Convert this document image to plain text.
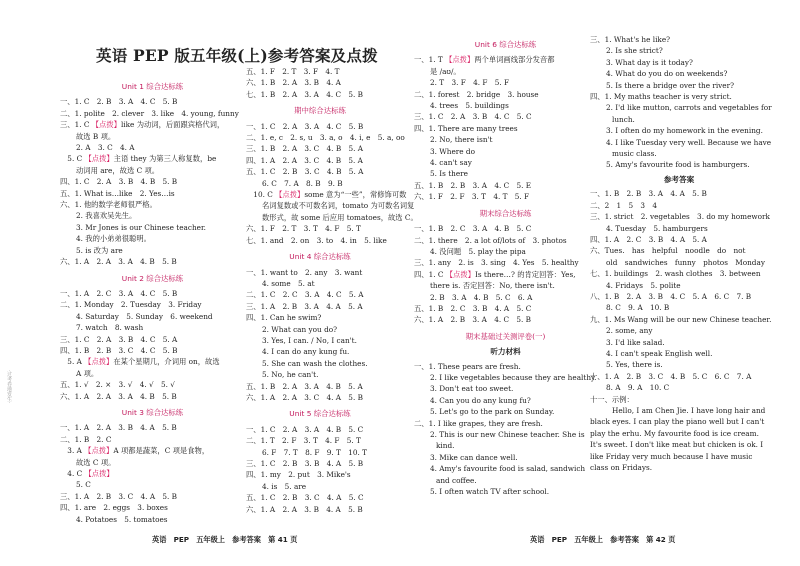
英语 PEP 版五年级(上)参考答案及点拨
Unit 1 综合达标练
一、1. C　2. B　3. A　4. C　5. B
二、1. polite　2. clever　3. like　4. young, funny
三、1. C 【点拨】like 为动词，后面跟宾格代词，
故选 B 项。
2. A　3. C　4. A
　5. C 【点拨】主语 they 为第三人称复数，be
动词用 are，故选 C 项。
四、1. C　2. A　3. B　4. B　5. B
五、1. What is…like　2. Yes…is
六、1. 他的数学老师很严格。
2. 我喜欢吴先生。
3. Mr Jones is our Chinese teacher.
4. 我的小弟弟很聪明。
5. is 改为 are
六、1. A　2. A　3. A　4. B　5. B
Unit 2 综合达标练
一、1. A　2. C　3. A　4. C　5. B
二、1. Monday　2. Tuesday　3. Friday
4. Saturday　5. Sunday　6. weekend
7. watch　8. wash
三、1. C　2. A　3. B　4. C　5. A
四、1. B　2. B　3. C　4. C　5. B
　5. A 【点拨】在某个星期几，介词用 on，故选
A 项。
五、1. √　2. ×　3. √　4. √　5. √
六、1. A　2. A　3. A　4. B　5. B
Unit 3 综合达标练
一、1. A　2. A　3. B　4. A　5. B
二、1. B　2. C
　3. A 【点拨】A 项都是蔬菜，C 项是食物，
故选 C 项。
　4. C 【点拨】
5. C
三、1. A　2. B　3. C　4. A　5. B
四、1. are　2. eggs　3. boxes
4. Potatoes　5. tomatoes
五、1. F　2. T　3. F　4. T
六、1. B　2. A　3. B　4. A
七、1. B　2. A　3. A　4. C　5. B
期中综合达标练
一、1. C　2. A　3. A　4. C　5. B
二、1. e, c　2. s, u　3. a, o　4. i, e　5. a, oo
三、1. B　2. A　3. C　4. B　5. A
四、1. A　2. A　3. C　4. B　5. A
五、1. C　2. B　3. C　4. B　5. A
6. C　7. A　8. B　9. B
　10. C 【点拨】some 意为“一些”，常修饰可数
名词复数或不可数名词，tomato 为可数名词复
数形式，故 some 后应用 tomatoes，故选 C。
六、1. F　2. T　3. T　4. F　5. T
七、1. and　2. on　3. to　4. in　5. like
Unit 4 综合达标练
一、1. want to　2. any　3. want
4. some　5. at
二、1. C　2. C　3. A　4. C　5. A
三、1. A　2. B　3. A　4. A　5. A
四、1. Can he swim?
2. What can you do?
3. Yes, I can. / No, I can't.
4. I can do any kung fu.
5. She can wash the clothes.
5. No, he can't.
五、1. B　2. A　3. A　4. B　5. A
六、1. A　2. A　3. C　4. A　5. B
Unit 5 综合达标练
一、1. C　2. A　3. A　4. B　5. C
二、1. T　2. F　3. T　4. F　5. T
6. F　7. T　8. F　9. T　10. T
三、1. C　2. B　3. B　4. A　5. B
四、1. my　2. put　3. Mike's
4. is　5. are
五、1. C　2. B　3. C　4. A　5. C
六、1. A　2. A　3. B　4. A　5. B
Unit 6 综合达标练
一、1. T 【点拨】两个单词画线部分发音都
是 /aʊ/。
2. T　3. F　4. F　5. F
二、1. forest　2. bridge　3. house
4. trees　5. buildings
三、1. C　2. A　3. B　4. C　5. C
四、1. There are many trees
2. No, there isn't
3. Where do
4. can't say
5. Is there
五、1. B　2. B　3. A　4. C　5. E
六、1. F　2. F　3. T　4. T　5. F
期末综合达标练
一、1. B　2. C　3. A　4. B　5. C
二、1. there　2. a lot of/lots of　3. photos
4. 没问题　5. play the pipa
三、1. any　2. is　3. sing　4. Yes　5. healthy
四、1. C 【点拨】Is there…? 的肯定回答：Yes,
there is. 否定回答：No, there isn't.
2. B　3. A　4. B　5. C　6. A
五、1. B　2. C　3. B　4. A　5. C
六、1. A　2. B　3. A　4. C　5. B
期末基础过关测评卷(一)
听力材料
一、1. These pears are fresh.
2. I like vegetables because they are healthy.
3. Don't eat too sweet.
4. Can you do any kung fu?
5. Let's go to the park on Sunday.
二、1. I like grapes, they are fresh.
2. This is our new Chinese teacher. She is
kind.
3. Mike can dance well.
4. Amy's favourite food is salad, sandwich
and coffee.
5. I often watch TV after school.
三、1. What's he like?
2. Is she strict?
3. What day is it today?
4. What do you do on weekends?
5. Is there a bridge over the river?
四、1. My maths teacher is very strict.
2. I'd like mutton, carrots and vegetables for
lunch.
3. I often do my homework in the evening.
4. I like Tuesday very well. Because we have
music class.
5. Amy's favourite food is hamburgers.
参考答案
一、1. B　2. B　3. A　4. A　5. B
二、2　1　5　3　4
三、1. strict　2. vegetables　3. do my homework
4. Tuesday　5. hamburgers
四、1. A　2. C　3. B　4. A　5. A
六、Tues.　has　helpful　noodle　do　not
old　sandwiches　funny　photos　Monday
七、1. buildings　2. wash clothes　3. between
4. Fridays　5. polite
八、1. B　2. A　3. B　4. C　5. A　6. C　7. B
8. C　9. A　10. B
九、1. Ms Wang will be our new Chinese teacher.
2. some, any
3. I'd like salad.
4. I can't speak English well.
5. Yes, there is.
十、1. A　2. B　3. C　4. B　5. C　6. C　7. A
8. A　9. A　10. C
十一、示例：
Hello, I am Chen Jie. I have long hair and black eyes. I can play the piano well but I can't play the erhu. My favourite food is ice cream. It's sweet. I don't like meat but chicken is ok. I like Friday very much because I have music class on Fridays.
英语　PEP　五年级上　参考答案　第 41 页	英语　PEP　五年级上　参考答案　第 42 页
·过考卷地发生·
